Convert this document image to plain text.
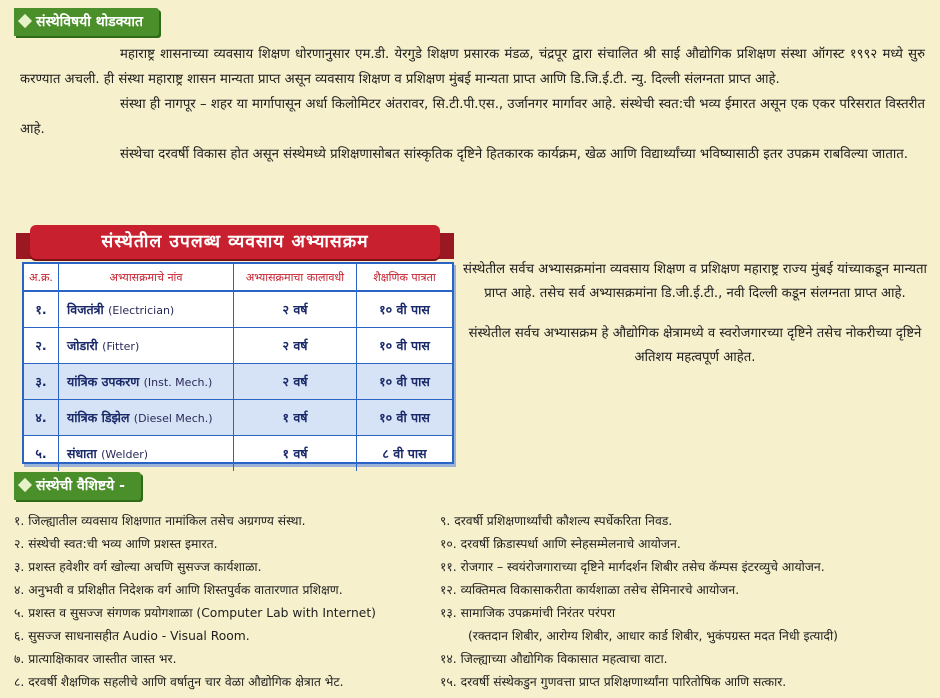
संस्थेविषयी थोडक्यात

महाराष्ट्र शासनाच्या व्यवसाय शिक्षण धोरणानुसार एम.डी. येरगुडे शिक्षण प्रसारक मंडळ, चंद्रपूर द्वारा संचालित श्री साई औद्योगिक प्रशिक्षण संस्था ऑगस्ट १९९२ मध्ये सुरु करण्यात अचली. ही संस्था महाराष्ट्र शासन मान्यता प्राप्त असून व्यवसाय शिक्षण व प्रशिक्षण मुंबई मान्यता प्राप्त आणि डि.जि.ई.टी. न्यु. दिल्ली संलग्नता प्राप्त आहे.

संस्था ही नागपूर – शहर या मार्गापासून अर्धा किलोमिटर अंतरावर, सि.टी.पी.एस., उर्जानगर मार्गावर आहे. संस्थेची स्वत:ची भव्य ईमारत असून एक एकर परिसरात विस्तरीत आहे.

संस्थेचा दरवर्षी विकास होत असून संस्थेमध्ये प्रशिक्षणासोबत सांस्कृतिक दृष्टिने हितकारक कार्यक्रम, खेळ आणि विद्यार्थ्यांच्या भविष्यासाठी इतर उपक्रम राबविल्या जातात.

संस्थेतील उपलब्ध व्यवसाय अभ्यासक्रम
अ.क्र.	अभ्यासक्रमाचे नांव	अभ्यासक्रमाचा कालावधी	शैक्षणिक पात्रता
१.	विजतंत्री (Electrician)	२ वर्ष	१० वी पास
२.	जोडारी (Fitter)	२ वर्ष	१० वी पास
३.	यांत्रिक उपकरण (Inst. Mech.)	२ वर्ष	१० वी पास
४.	यांत्रिक डिझेल (Diesel Mech.)	१ वर्ष	१० वी पास
५.	संधाता (Welder)	१ वर्ष	८ वी पास

संस्थेतील सर्वच अभ्यासक्रमांना व्यवसाय शिक्षण व प्रशिक्षण महाराष्ट्र राज्य मुंबई यांच्याकडून मान्यता प्राप्त आहे. तसेच सर्व अभ्यासक्रमांना डि.जी.ई.टी., नवी दिल्ली कडून संलग्नता प्राप्त आहे.

संस्थेतील सर्वच अभ्यासक्रम हे औद्योगिक क्षेत्रामध्ये व स्वरोजगारच्या दृष्टिने तसेच नोकरीच्या दृष्टिने अतिशय महत्वपूर्ण आहेत.

संस्थेची वैशिष्टये -
१. जिल्ह्यातील व्यवसाय शिक्षणात नामांकिल तसेच अग्रगण्य संस्था.
२. संस्थेची स्वत:ची भव्य आणि प्रशस्त इमारत.
३. प्रशस्त हवेशीर वर्ग खोल्या अचणि सुसज्ज कार्यशाळा.
४. अनुभवी व प्रशिक्षीत निदेशक वर्ग आणि शिस्तपुर्वक वातारणात प्रशिक्षण.
५. प्रशस्त व सुसज्ज संगणक प्रयोगशाळा (Computer Lab with Internet)
६. सुसज्ज साधनासहीत Audio - Visual Room.
७. प्रात्याक्षिकावर जास्तीत जास्त भर.
८. दरवर्षी शैक्षणिक सहलीचे आणि वर्षातुन चार वेळा औद्योगिक क्षेत्रात भेट.
९. दरवर्षी प्रशिक्षणार्थ्यांची कौशल्य स्पर्धेकरिता निवड.
१०. दरवर्षी क्रिडास्पर्धा आणि स्नेहसम्मेलनाचे आयोजन.
११. रोजगार – स्वयंरोजगाराच्या दृष्टिने मार्गदर्शन शिबीर तसेच कॅम्पस इंटरव्युचे आयोजन.
१२. व्यक्तिमत्व विकासाकरीता कार्यशाळा तसेच सेमिनारचे आयोजन.
१३. सामाजिक उपक्रमांची निरंतर परंपरा
(रक्तदान शिबीर, आरोग्य शिबीर, आधार कार्ड शिबीर, भुकंपग्रस्त मदत निधी इत्यादी)
१४. जिल्ह्याच्या औद्योगिक विकासात महत्वाचा वाटा.
१५. दरवर्षी संस्थेकडुन गुणवत्ता प्राप्त प्रशिक्षणार्थ्यांना पारितोषिक आणि सत्कार.
